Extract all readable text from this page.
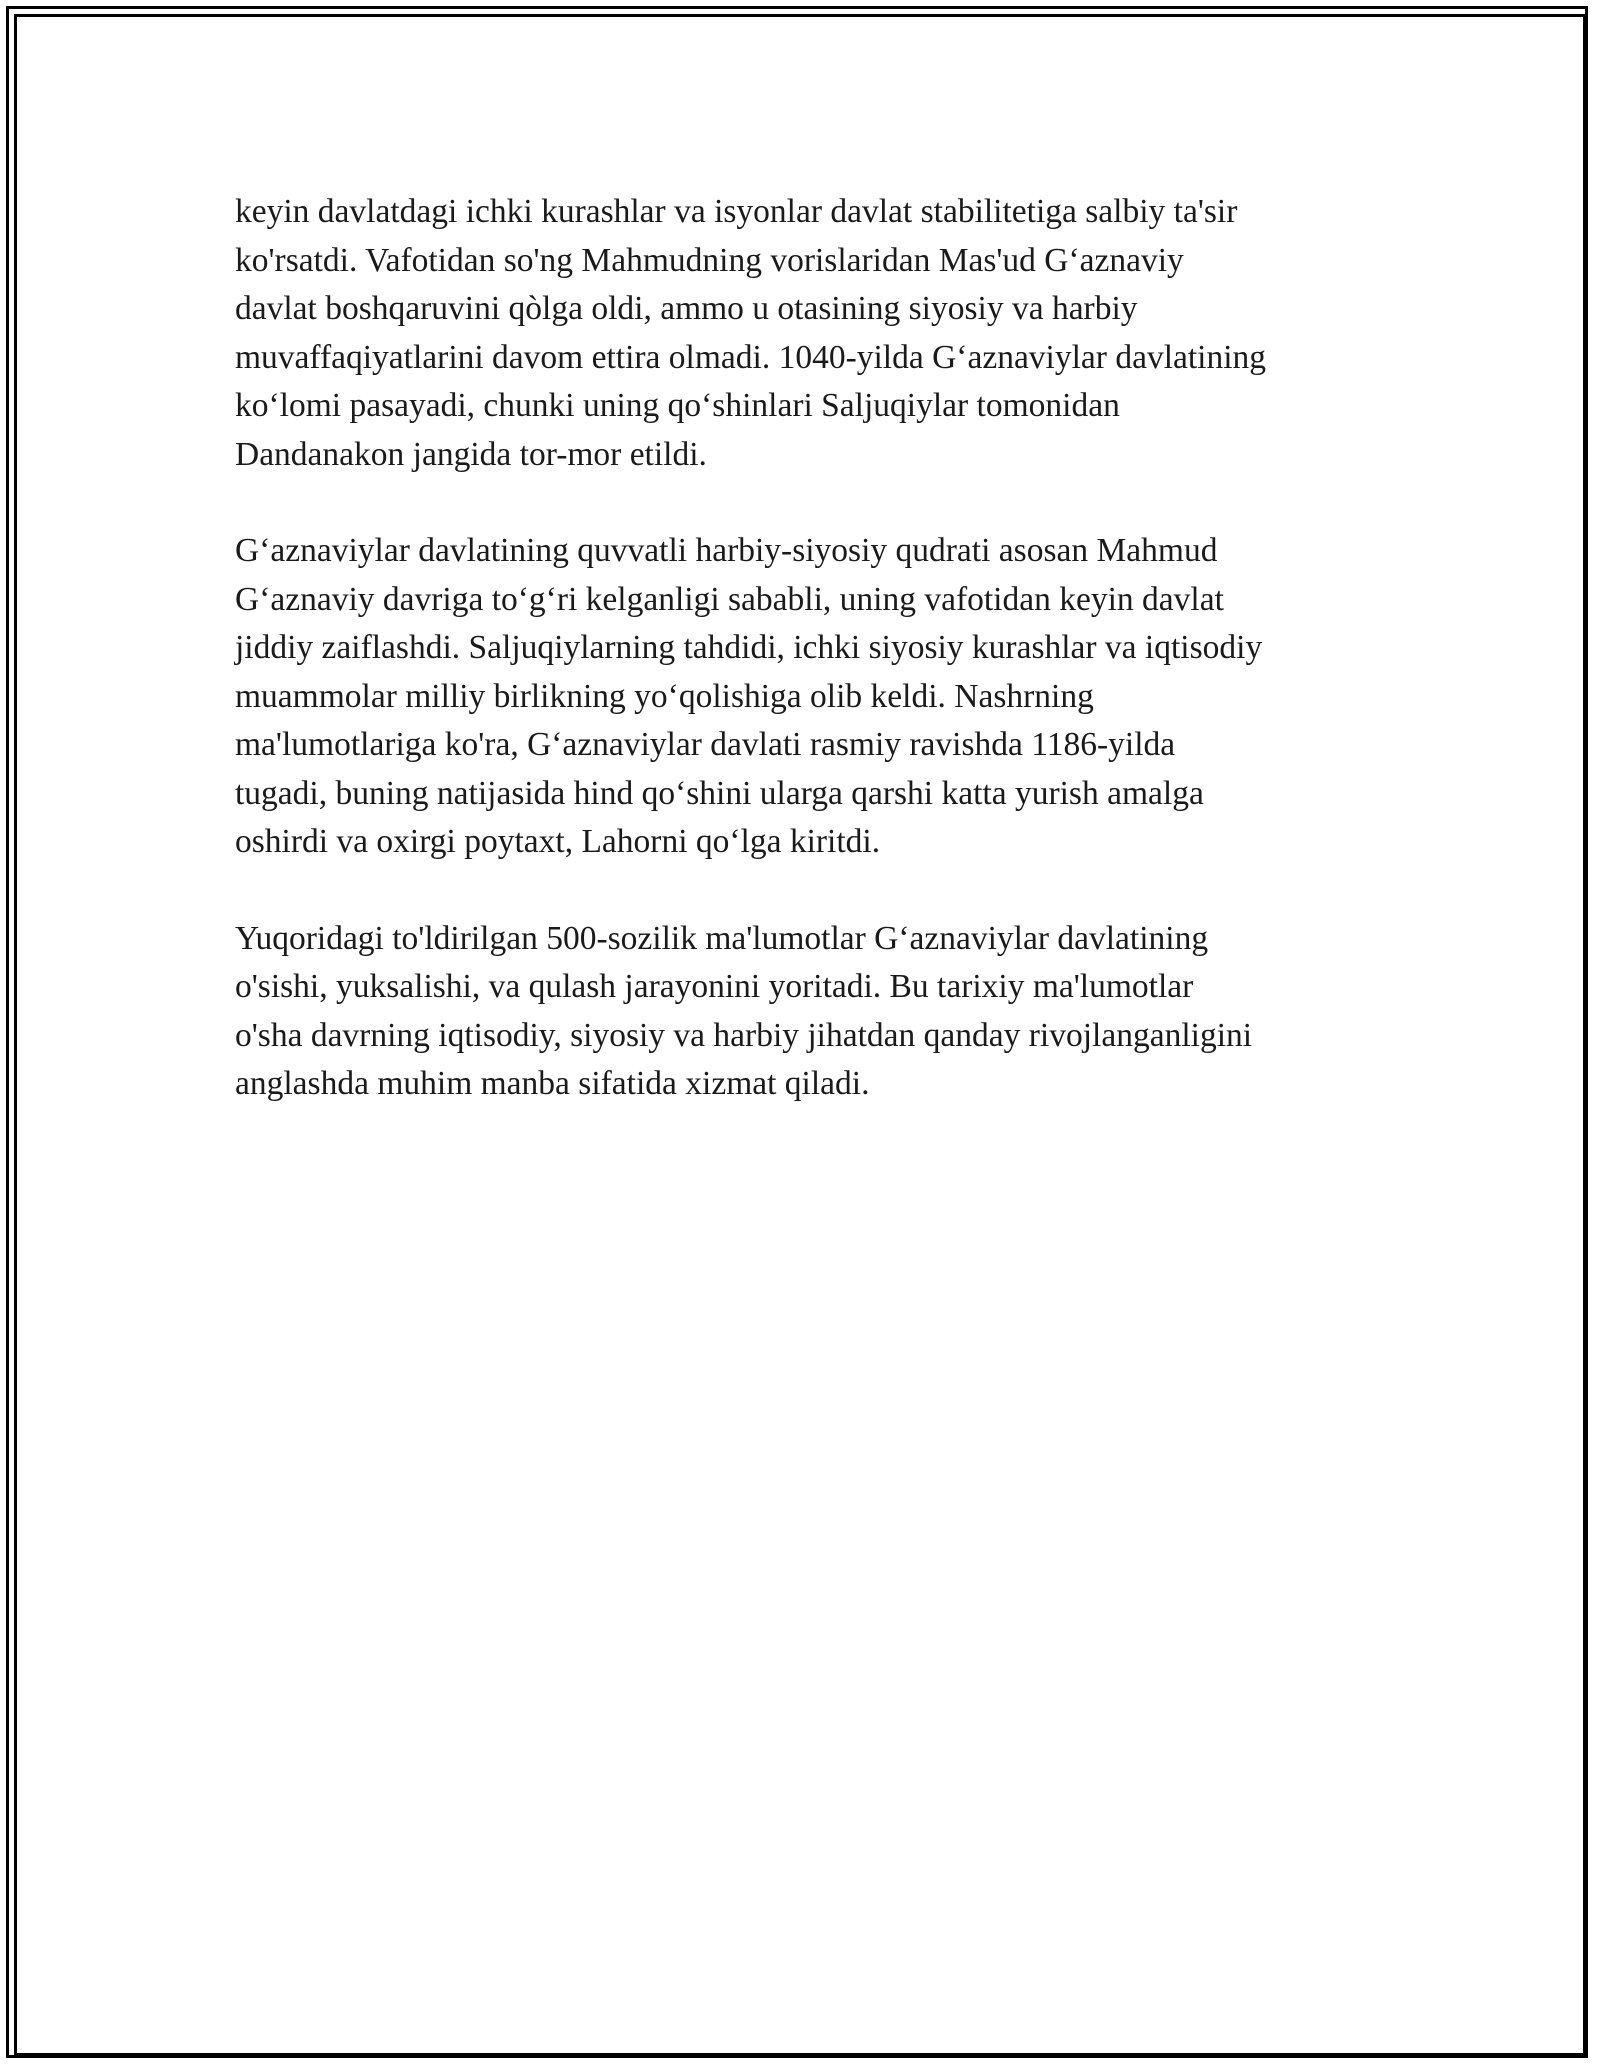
keyin davlatdagi ichki kurashlar va isyonlar davlat stabilitetiga salbiy ta'sir
ko'rsatdi. Vafotidan so'ng Mahmudning vorislaridan Mas'ud G‘aznaviy
davlat boshqaruvini qòlga oldi, ammo u otasining siyosiy va harbiy
muvaffaqiyatlarini davom ettira olmadi. 1040-yilda G‘aznaviylar davlatining
ko‘lomi pasayadi, chunki uning qo‘shinlari Saljuqiylar tomonidan
Dandanakon jangida tor-mor etildi.

G‘aznaviylar davlatining quvvatli harbiy-siyosiy qudrati asosan Mahmud
G‘aznaviy davriga to‘g‘ri kelganligi sababli, uning vafotidan keyin davlat
jiddiy zaiflashdi. Saljuqiylarning tahdidi, ichki siyosiy kurashlar va iqtisodiy
muammolar milliy birlikning yo‘qolishiga olib keldi. Nashrning
ma'lumotlariga ko'ra, G‘aznaviylar davlati rasmiy ravishda 1186-yilda
tugadi, buning natijasida hind qo‘shini ularga qarshi katta yurish amalga
oshirdi va oxirgi poytaxt, Lahorni qo‘lga kiritdi.

Yuqoridagi to'ldirilgan 500-sozilik ma'lumotlar G‘aznaviylar davlatining
o'sishi, yuksalishi, va qulash jarayonini yoritadi. Bu tarixiy ma'lumotlar
o'sha davrning iqtisodiy, siyosiy va harbiy jihatdan qanday rivojlanganligini
anglashda muhim manba sifatida xizmat qiladi.
